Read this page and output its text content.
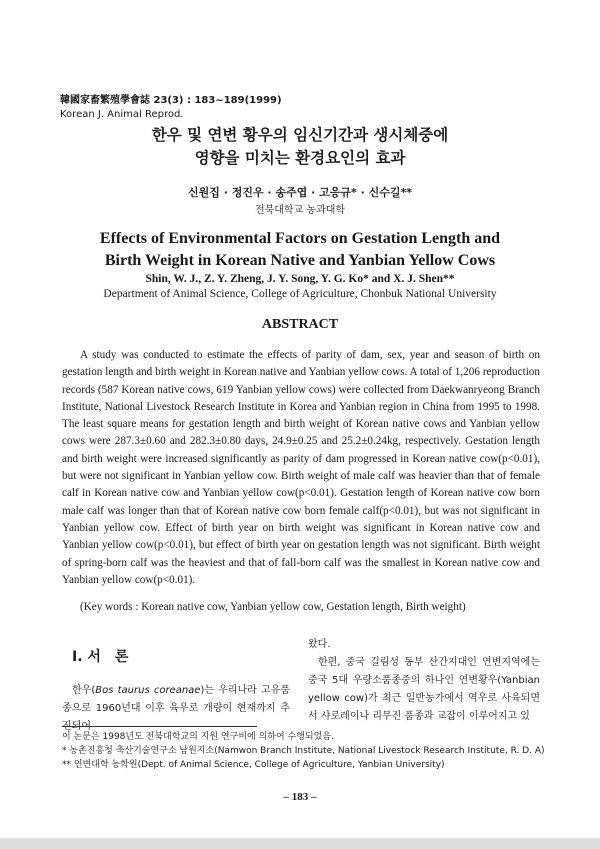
韓國家畜繁殖學會誌 23(3) : 183~189(1999)
Korean J. Animal Reprod.
한우 및 연변 황우의 임신기간과 생시체중에
영향을 미치는 환경요인의 효과
신원집 · 정진우 · 송주엽 · 고응규* · 신수길**
전북대학교 농과대학
Effects of Environmental Factors on Gestation Length and
Birth Weight in Korean Native and Yanbian Yellow Cows
Shin, W. J., Z. Y. Zheng, J. Y. Song, Y. G. Ko* and X. J. Shen**
Department of Animal Science, College of Agriculture, Chonbuk National University
ABSTRACT

A study was conducted to estimate the effects of parity of dam, sex, year and season of birth on gestation length and birth weight in Korean native and Yanbian yellow cows. A total of 1,206 reproduction records (587 Korean native cows, 619 Yanbian yellow cows) were collected from Daekwanryeong Branch Institute, National Livestock Research Institute in Korea and Yanbian region in China from 1995 to 1998. The least square means for gestation length and birth weight of Korean native cows and Yanbian yellow cows were 287.3±0.60 and 282.3±0.80 days, 24.9±0.25 and 25.2±0.24kg, respectively. Gestation length and birth weight were increased significantly as parity of dam progressed in Korean native cow(p<0.01), but were not significant in Yanbian yellow cow. Birth weight of male calf was heavier than that of female calf in Korean native cow and Yanbian yellow cow(p<0.01). Gestation length of Korean native cow born male calf was longer than that of Korean native cow born female calf(p<0.01), but was not significant in Yanbian yellow cow. Effect of birth year on birth weight was significant in Korean native cow and Yanbian yellow cow(p<0.01), but effect of birth year on gestation length was not significant. Birth weight of spring-born calf was the heaviest and that of fall-born calf was the smallest in Korean native cow and Yanbian yellow cow(p<0.01).

(Key words : Korean native cow, Yanbian yellow cow, Gestation length, Birth weight)
Ⅰ. 서　론

한우(Bos taurus coreanae)는 우리나라 고유품종으로 1960년대 이후 육우로 개량이 현재까지 추진되어

왔다.

한편, 중국 길림성 동부 산간지대인 연변지역에는 중국 5대 우량소품종중의 하나인 연변황우(Yanbian yellow cow)가 최근 일반농가에서 역우로 사육되면서 샤로레이나 리무진 품종과 교잡이 이루어지고 있

이 논문은 1998년도 전북대학교의 지원 연구비에 의하여 수행되었음.
* 농촌진흥청 축산기술연구소 남원지소(Namwon Branch Institute, National Livestock Research Institute, R. D. A)
** 연변대학 농학원(Dept. of Animal Science, College of Agriculture, Yanbian University)
– 183 –
